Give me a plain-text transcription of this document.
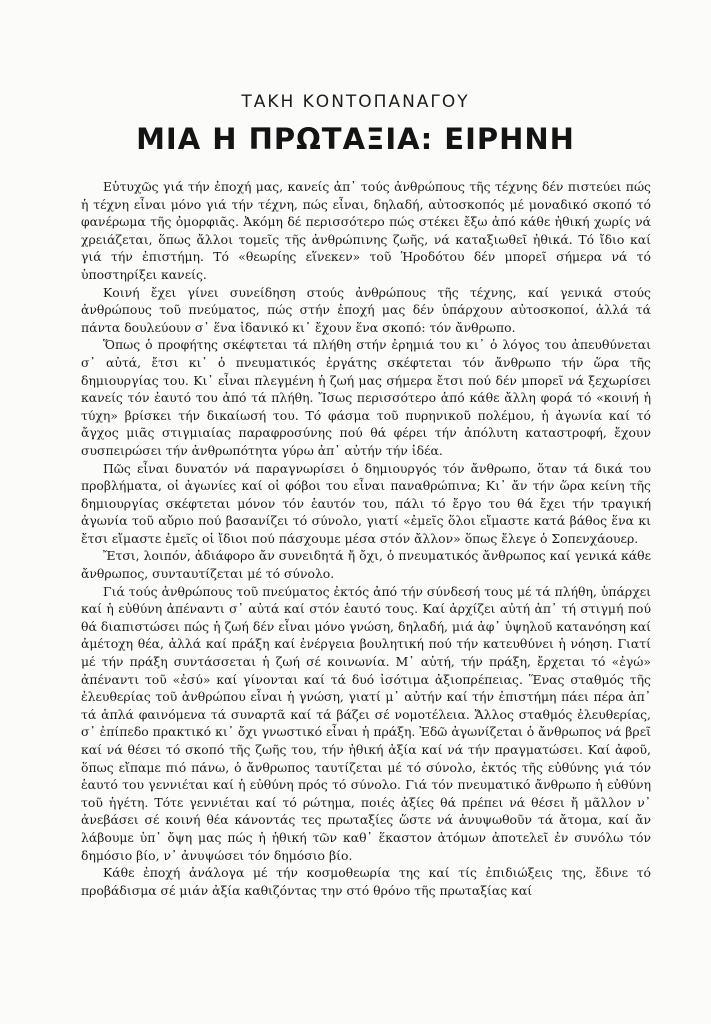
ΤΑΚΗ ΚΟΝΤΟΠΑΝΑΓΟΥ
ΜΙΑ Η ΠΡΩΤΑΞΙΑ: ΕΙΡΗΝΗ

Εὐτυχῶς γιά τήν ἐποχή μας, κανείς ἀπ᾽ τούς ἀνθρώπους τῆς τέχνης δέν πιστεύει πώς ἡ τέχνη εἶναι μόνο γιά τήν τέχνη, πώς εἶναι, δηλαδή, αὐτοσκοπός μέ μοναδικό σκοπό τό φανέρωμα τῆς ὀμορφιᾶς. Ἀκόμη δέ περισσότερο πώς στέκει ἔξω ἀπό κάθε ἠθική χωρίς νά χρειάζεται, ὅπως ἄλλοι τομεῖς τῆς ἀνθρώπινης ζωῆς, νά καταξιωθεῖ ἠθικά. Τό ἴδιο καί γιά τήν ἐπιστήμη. Τό «θεωρίης εἵνεκεν» τοῦ Ἡροδότου δέν μπορεῖ σήμερα νά τό ὑποστηρίξει κανείς.

Κοινή ἔχει γίνει συνείδηση στούς ἀνθρώπους τῆς τέχνης, καί γενικά στούς ἀνθρώπους τοῦ πνεύματος, πώς στήν ἐποχή μας δέν ὑπάρχουν αὐτοσκοποί, ἀλλά τά πάντα δουλεύουν σ᾽ ἕνα ἰδανικό κι᾽ ἔχουν ἕνα σκοπό: τόν ἄνθρωπο.

Ὅπως ὁ προφήτης σκέφτεται τά πλήθη στήν ἐρημιά του κι᾽ ὁ λόγος του ἀπευθύνεται σ᾽ αὐτά, ἔτσι κι᾽ ὁ πνευματικός ἐργάτης σκέφτεται τόν ἄνθρωπο τήν ὥρα τῆς δημιουργίας του. Κι᾽ εἶναι πλεγμένη ἡ ζωή μας σήμερα ἔτσι πού δέν μπορεῖ νά ξεχωρίσει κανείς τόν ἑαυτό του ἀπό τά πλήθη. Ἴσως περισσότερο ἀπό κάθε ἄλλη φορά τό «κοινή ἡ τύχη» βρίσκει τήν δικαίωσή του. Τό φάσμα τοῦ πυρηνικοῦ πολέμου, ἡ ἀγωνία καί τό ἄγχος μιᾶς στιγμιαίας παραφροσύνης πού θά φέρει τήν ἀπόλυτη καταστροφή, ἔχουν συσπειρώσει τήν ἀνθρωπότητα γύρω ἀπ᾽ αὐτήν τήν ἰδέα.

Πῶς εἶναι δυνατόν νά παραγνωρίσει ὁ δημιουργός τόν ἄνθρωπο, ὅταν τά δικά του προβλήματα, οἱ ἀγωνίες καί οἱ φόβοι του εἶναι παναθρώπινα; Κι᾽ ἄν τήν ὥρα κείνη τῆς δημιουργίας σκέφτεται μόνον τόν ἑαυτόν του, πάλι τό ἔργο του θά ἔχει τήν τραγική ἀγωνία τοῦ αὔριο πού βασανίζει τό σύνολο, γιατί «ἐμεῖς ὅλοι εἴμαστε κατά βάθος ἕνα κι ἔτσι εἴμαστε ἐμεῖς οἱ ἴδιοι πού πάσχουμε μέσα στόν ἄλλον» ὅπως ἔλεγε ὁ Σοπενχάουερ.

Ἔτσι, λοιπόν, ἀδιάφορο ἄν συνειδητά ἤ ὄχι, ὁ πνευματικός ἄνθρωπος καί γενικά κάθε ἄνθρωπος, συνταυτίζεται μέ τό σύνολο.

Γιά τούς ἀνθρώπους τοῦ πνεύματος ἐκτός ἀπό τήν σύνδεσή τους μέ τά πλήθη, ὑπάρχει καί ἡ εὐθύνη ἀπέναντι σ᾽ αὐτά καί στόν ἑαυτό τους. Καί ἀρχίζει αὐτή ἀπ᾽ τή στιγμή πού θά διαπιστώσει πώς ἡ ζωή δέν εἶναι μόνο γνώση, δηλαδή, μιά ἀφ᾽ ὑψηλοῦ κατανόηση καί ἀμέτοχη θέα, ἀλλά καί πράξη καί ἐνέργεια βουλητική πού τήν κατευθύνει ἡ νόηση. Γιατί μέ τήν πράξη συντάσσεται ἡ ζωή σέ κοινωνία. Μ᾽ αὐτή, τήν πράξη, ἔρχεται τό «ἐγώ» ἀπέναντι τοῦ «ἐσύ» καί γίνονται καί τά δυό ἰσότιμα ἀξιοπρέπειας. Ἕνας σταθμός τῆς ἐλευθερίας τοῦ ἀνθρώπου εἶναι ἡ γνώση, γιατί μ᾽ αὐτήν καί τήν ἐπιστήμη πάει πέρα ἀπ᾽ τά ἁπλά φαινόμενα τά συναρτᾶ καί τά βάζει σέ νομοτέλεια. Ἄλλος σταθμός ἐλευθερίας, σ᾽ ἐπίπεδο πρακτικό κι᾽ ὄχι γνωστικό εἶναι ἡ πράξη. Ἐδῶ ἀγωνίζεται ὁ ἄνθρωπος νά βρεῖ καί νά θέσει τό σκοπό τῆς ζωῆς του, τήν ἠθική ἀξία καί νά τήν πραγματώσει. Καί ἀφοῦ, ὅπως εἴπαμε πιό πάνω, ὁ ἄνθρωπος ταυτίζεται μέ τό σύνολο, ἐκτός τῆς εὐθύνης γιά τόν ἑαυτό του γεννιέται καί ἡ εὐθύνη πρός τό σύνολο. Γιά τόν πνευματικό ἄνθρωπο ἡ εὐθύνη τοῦ ἡγέτη. Τότε γεννιέται καί τό ρώτημα, ποιές ἀξίες θά πρέπει νά θέσει ἤ μᾶλλον ν᾽ ἀνεβάσει σέ κοινή θέα κάνοντάς τες πρωταξίες ὥστε νά ἀνυψωθοῦν τά ἄτομα, καί ἄν λάβουμε ὑπ᾽ ὄψη μας πώς ἡ ἠθική τῶν καθ᾽ ἕκαστον ἀτόμων ἀποτελεῖ ἐν συνόλω τόν δημόσιο βίο, ν᾽ ἀνυψώσει τόν δημόσιο βίο.

Κάθε ἐποχή ἀνάλογα μέ τήν κοσμοθεωρία της καί τίς ἐπιδιώξεις της, ἔδινε τό προβάδισμα σέ μιάν ἀξία καθιζόντας την στό θρόνο τῆς πρωταξίας καί
